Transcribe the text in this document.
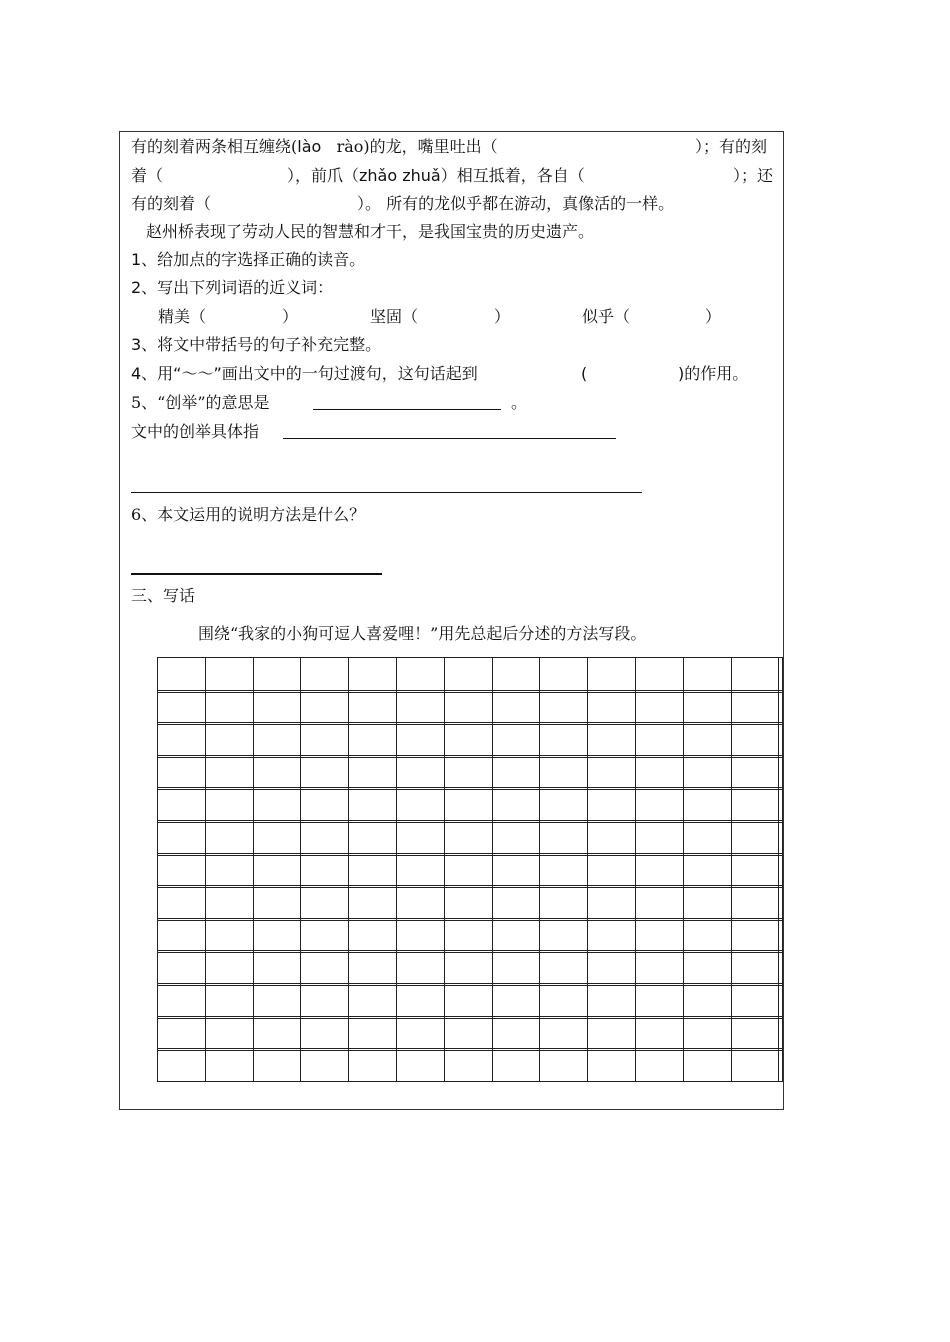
有的刻着两条相互缠绕(lào rào)的龙，嘴里吐出（	）；有的刻
着（	），前爪（zhǎo zhuǎ）相互抵着，各自（	）；还
有的刻着（	）。 所有的龙似乎都在游动，真像活的一样。
赵州桥表现了劳动人民的智慧和才干，是我国宝贵的历史遗产。
1、给加点的字选择正确的读音。
2、写出下列词语的近义词：
精美（	）	坚固（	）	似乎（	）
3、将文中带括号的句子补充完整。
4、用“～～”画出文中的一句过渡句，这句话起到	(	)的作用。
5、“创举”的意思是	。
文中的创举具体指
6、本文运用的说明方法是什么？
三、写话
围绕“我家的小狗可逗人喜爱哩！”用先总起后分述的方法写段。
